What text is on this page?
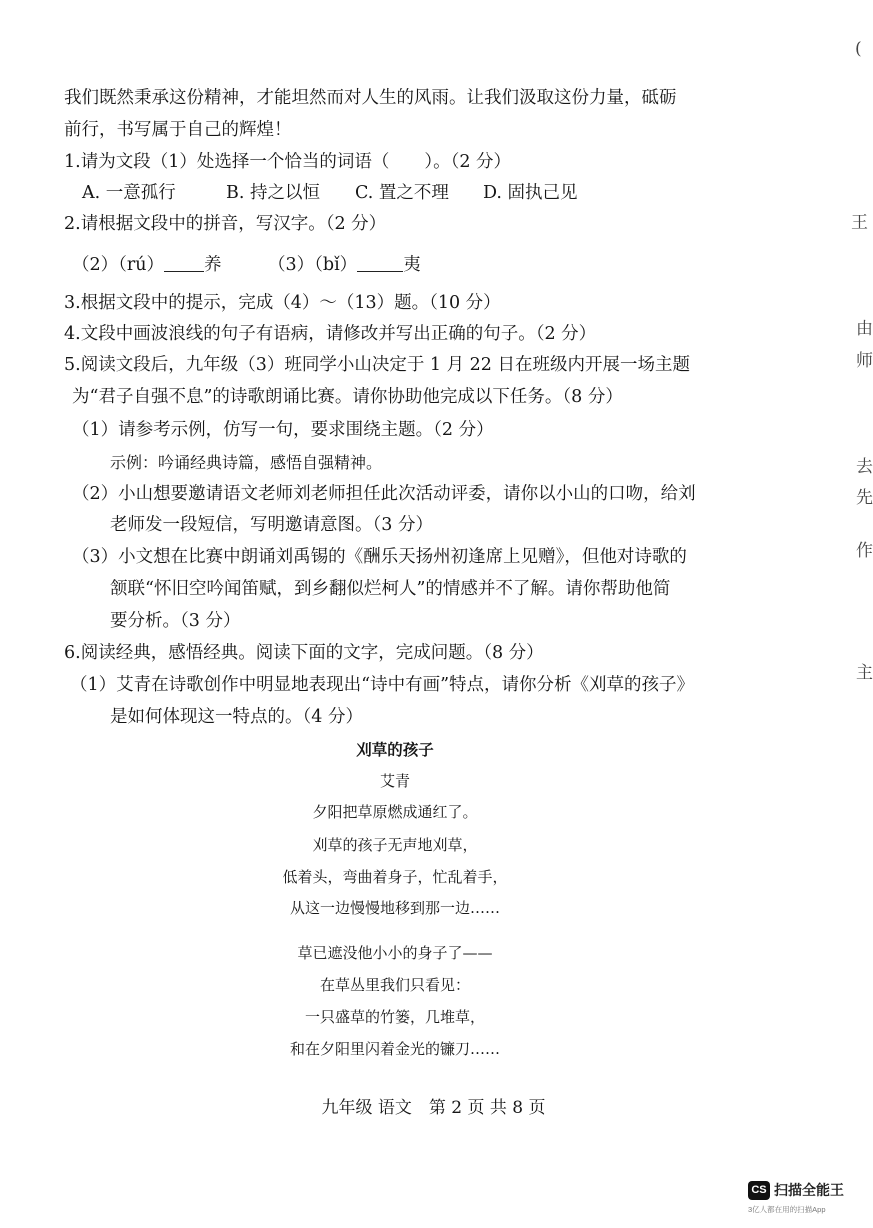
我们既然秉承这份精神，才能坦然而对人生的风雨。让我们汲取这份力量，砥砺
前行，书写属于自己的辉煌！
1.请为文段（1）处选择一个恰当的词语（　　）。（2 分）
A. 一意孤行	B. 持之以恒 C. 置之不理 D. 固执己见
2.请根据文段中的拼音，写汉字。（2 分）
（2）（rú） 养	（3）（bǐ）	夷
3.根据文段中的提示，完成（4）～（13）题。（10 分）
4.文段中画波浪线的句子有语病，请修改并写出正确的句子。（2 分）
5.阅读文段后，九年级（3）班同学小山决定于 1 月 22 日在班级内开展一场主题
为“君子自强不息”的诗歌朗诵比赛。请你协助他完成以下任务。（8 分）
（1）请参考示例，仿写一句，要求围绕主题。（2 分）
示例：吟诵经典诗篇，感悟自强精神。
（2）小山想要邀请语文老师刘老师担任此次活动评委，请你以小山的口吻，给刘
老师发一段短信，写明邀请意图。（3 分）
（3）小文想在比赛中朗诵刘禹锡的《酬乐天扬州初逢席上见赠》，但他对诗歌的
颔联“怀旧空吟闻笛赋，到乡翻似烂柯人”的情感并不了解。请你帮助他简
要分析。（3 分）
6.阅读经典，感悟经典。阅读下面的文字，完成问题。（8 分）
（1）艾青在诗歌创作中明显地表现出“诗中有画”特点，请你分析《刈草的孩子》
是如何体现这一特点的。（4 分）
刈草的孩子
艾青
夕阳把草原燃成通红了。
刈草的孩子无声地刈草，
低着头，弯曲着身子，忙乱着手，
从这一边慢慢地移到那一边……
草已遮没他小小的身子了——
在草丛里我们只看见：
一只盛草的竹篓，几堆草，
和在夕阳里闪着金光的镰刀……
九年级 语文　第 2 页 共 8 页
(
王
由
师
去
先
作
主
CS 扫描全能王
3亿人都在用的扫描App
